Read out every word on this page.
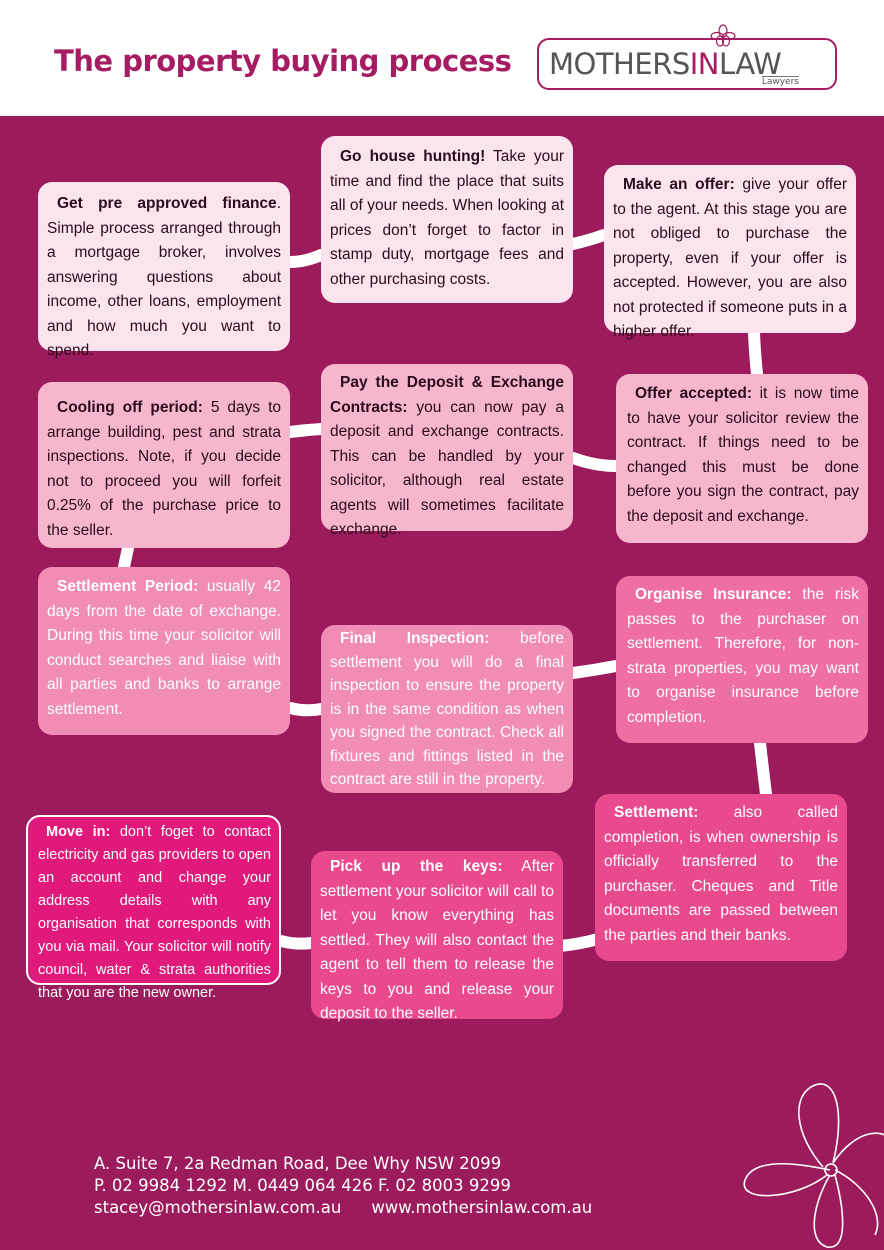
The property buying process MOTHERSINLAW
Lawyers
Get pre approved finance. Simple process arranged through a mortgage broker, involves answering questions about income, other loans, employment and how much you want to spend.
Go house hunting! Take your time and find the place that suits all of your needs. When looking at prices don’t forget to factor in stamp duty, mortgage fees and other purchasing costs.
Make an offer: give your offer to the agent. At this stage you are not obliged to purchase the property, even if your offer is accepted. However, you are also not protected if someone puts in a higher offer.
Offer accepted: it is now time to have your solicitor review the contract. If things need to be changed this must be done before you sign the contract, pay the deposit and exchange.
Pay the Deposit & Exchange Contracts: you can now pay a deposit and exchange contracts. This can be handled by your solicitor, although real estate agents will sometimes facilitate exchange.
Cooling off period: 5 days to arrange building, pest and strata inspections. Note, if you decide not to proceed you will forfeit 0.25% of the purchase price to the seller.
Settlement Period: usually 42 days from the date of exchange. During this time your solicitor will conduct searches and liaise with all parties and banks to arrange settlement.
Final Inspection: before settlement you will do a final inspection to ensure the property is in the same condition as when you signed the contract. Check all fixtures and fittings listed in the contract are still in the property.
Organise Insurance: the risk passes to the purchaser on settlement. Therefore, for non-strata properties, you may want to organise insurance before completion.
Settlement: also called completion, is when ownership is officially transferred to the purchaser. Cheques and Title documents are passed between the parties and their banks.
Pick up the keys: After settlement your solicitor will call to let you know everything has settled. They will also contact the agent to tell them to release the keys to you and release your deposit to the seller.
Move in: don’t foget to contact electricity and gas providers to open an account and change your address details with any organisation that corresponds with you via mail. Your solicitor will notify council, water & strata authorities that you are the new owner.
A. Suite 7, 2a Redman Road, Dee Why NSW 2099
P. 02 9984 1292 M. 0449 064 426 F. 02 8003 9299
stacey@mothersinlaw.com.au www.mothersinlaw.com.au
